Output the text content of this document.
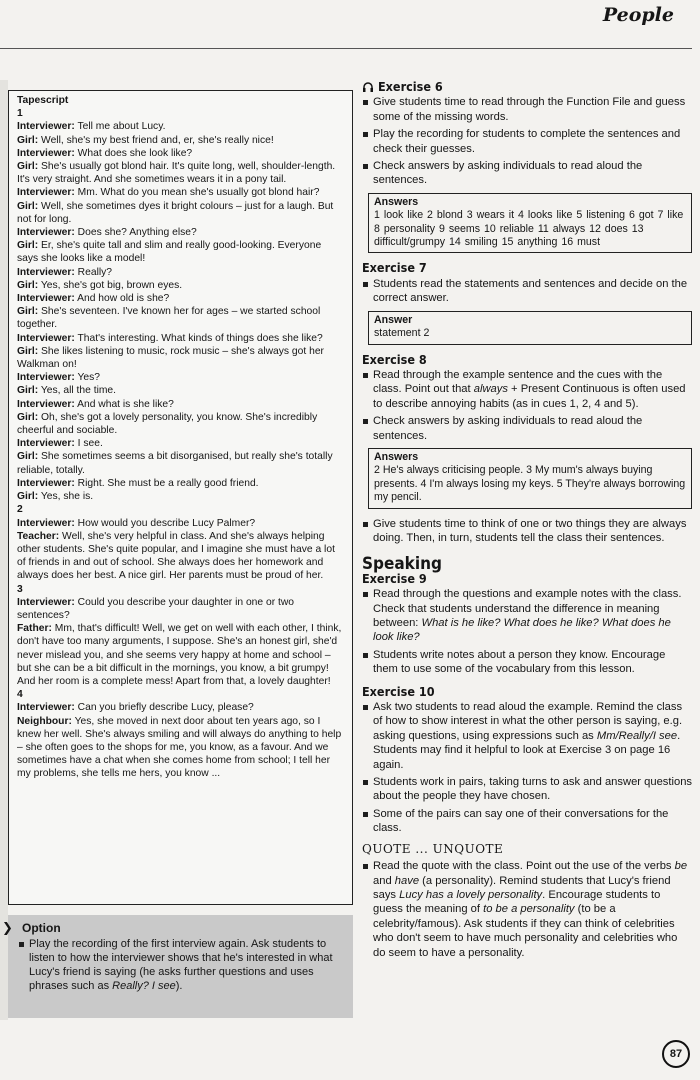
People
Tapescript
1
Interviewer: Tell me about Lucy.
Girl: Well, she's my best friend and, er, she's really nice!
Interviewer: What does she look like?
Girl: She's usually got blond hair. It's quite long, well, shoulder-length. It's very straight. And she sometimes wears it in a pony tail.
Interviewer: Mm. What do you mean she's usually got blond hair?
Girl: Well, she sometimes dyes it bright colours – just for a laugh. But not for long.
Interviewer: Does she? Anything else?
Girl: Er, she's quite tall and slim and really good-looking. Everyone says she looks like a model!
Interviewer: Really?
Girl: Yes, she's got big, brown eyes.
Interviewer: And how old is she?
Girl: She's seventeen. I've known her for ages – we started school together.
Interviewer: That's interesting. What kinds of things does she like?
Girl: She likes listening to music, rock music – she's always got her Walkman on!
Interviewer: Yes?
Girl: Yes, all the time.
Interviewer: And what is she like?
Girl: Oh, she's got a lovely personality, you know. She's incredibly cheerful and sociable.
Interviewer: I see.
Girl: She sometimes seems a bit disorganised, but really she's totally reliable, totally.
Interviewer: Right. She must be a really good friend.
Girl: Yes, she is.
2
Interviewer: How would you describe Lucy Palmer?
Teacher: Well, she's very helpful in class. And she's always helping other students. She's quite popular, and I imagine she must have a lot of friends in and out of school. She always does her homework and always does her best. A nice girl. Her parents must be proud of her.
3
Interviewer: Could you describe your daughter in one or two sentences?
Father: Mm, that's difficult! Well, we get on well with each other, I think, don't have too many arguments, I suppose. She's an honest girl, she'd never mislead you, and she seems very happy at home and school – but she can be a bit difficult in the mornings, you know, a bit grumpy! And her room is a complete mess! Apart from that, a lovely daughter!
4
Interviewer: Can you briefly describe Lucy, please?
Neighbour: Yes, she moved in next door about ten years ago, so I knew her well. She's always smiling and will always do anything to help – she often goes to the shops for me, you know, as a favour. And we sometimes have a chat when she comes home from school; I tell her my problems, she tells me hers, you know ...
❯ Option
Play the recording of the first interview again. Ask students to listen to how the interviewer shows that he's interested in what Lucy's friend is saying (he asks further questions and uses phrases such as Really? I see).
Exercise 6
Give students time to read through the Function File and guess some of the missing words.
Play the recording for students to complete the sentences and check their guesses.
Check answers by asking individuals to read aloud the sentences.
Answers
1 look like 2 blond 3 wears it 4 looks like 5 listening 6 got 7 like 8 personality 9 seems 10 reliable 11 always 12 does 13 difficult/grumpy 14 smiling 15 anything 16 must
Exercise 7
Students read the statements and sentences and decide on the correct answer.
Answer
statement 2
Exercise 8
Read through the example sentence and the cues with the class. Point out that always + Present Continuous is often used to describe annoying habits (as in cues 1, 2, 4 and 5).
Check answers by asking individuals to read aloud the sentences.
Answers
2 He's always criticising people. 3 My mum's always buying presents. 4 I'm always losing my keys. 5 They're always borrowing my pencil.
Give students time to think of one or two things they are always doing. Then, in turn, students tell the class their sentences.
Speaking
Exercise 9
Read through the questions and example notes with the class. Check that students understand the difference in meaning between: What is he like? What does he like? What does he look like?
Students write notes about a person they know. Encourage them to use some of the vocabulary from this lesson.
Exercise 10
Ask two students to read aloud the example. Remind the class of how to show interest in what the other person is saying, e.g. asking questions, using expressions such as Mm/Really/I see. Students may find it helpful to look at Exercise 3 on page 16 again.
Students work in pairs, taking turns to ask and answer questions about the people they have chosen.
Some of the pairs can say one of their conversations for the class.
QUOTE ... UNQUOTE
Read the quote with the class. Point out the use of the verbs be and have (a personality). Remind students that Lucy's friend says Lucy has a lovely personality. Encourage students to guess the meaning of to be a personality (to be a celebrity/famous). Ask students if they can think of celebrities who don't seem to have much personality and celebrities who do seem to have a personality.
87
